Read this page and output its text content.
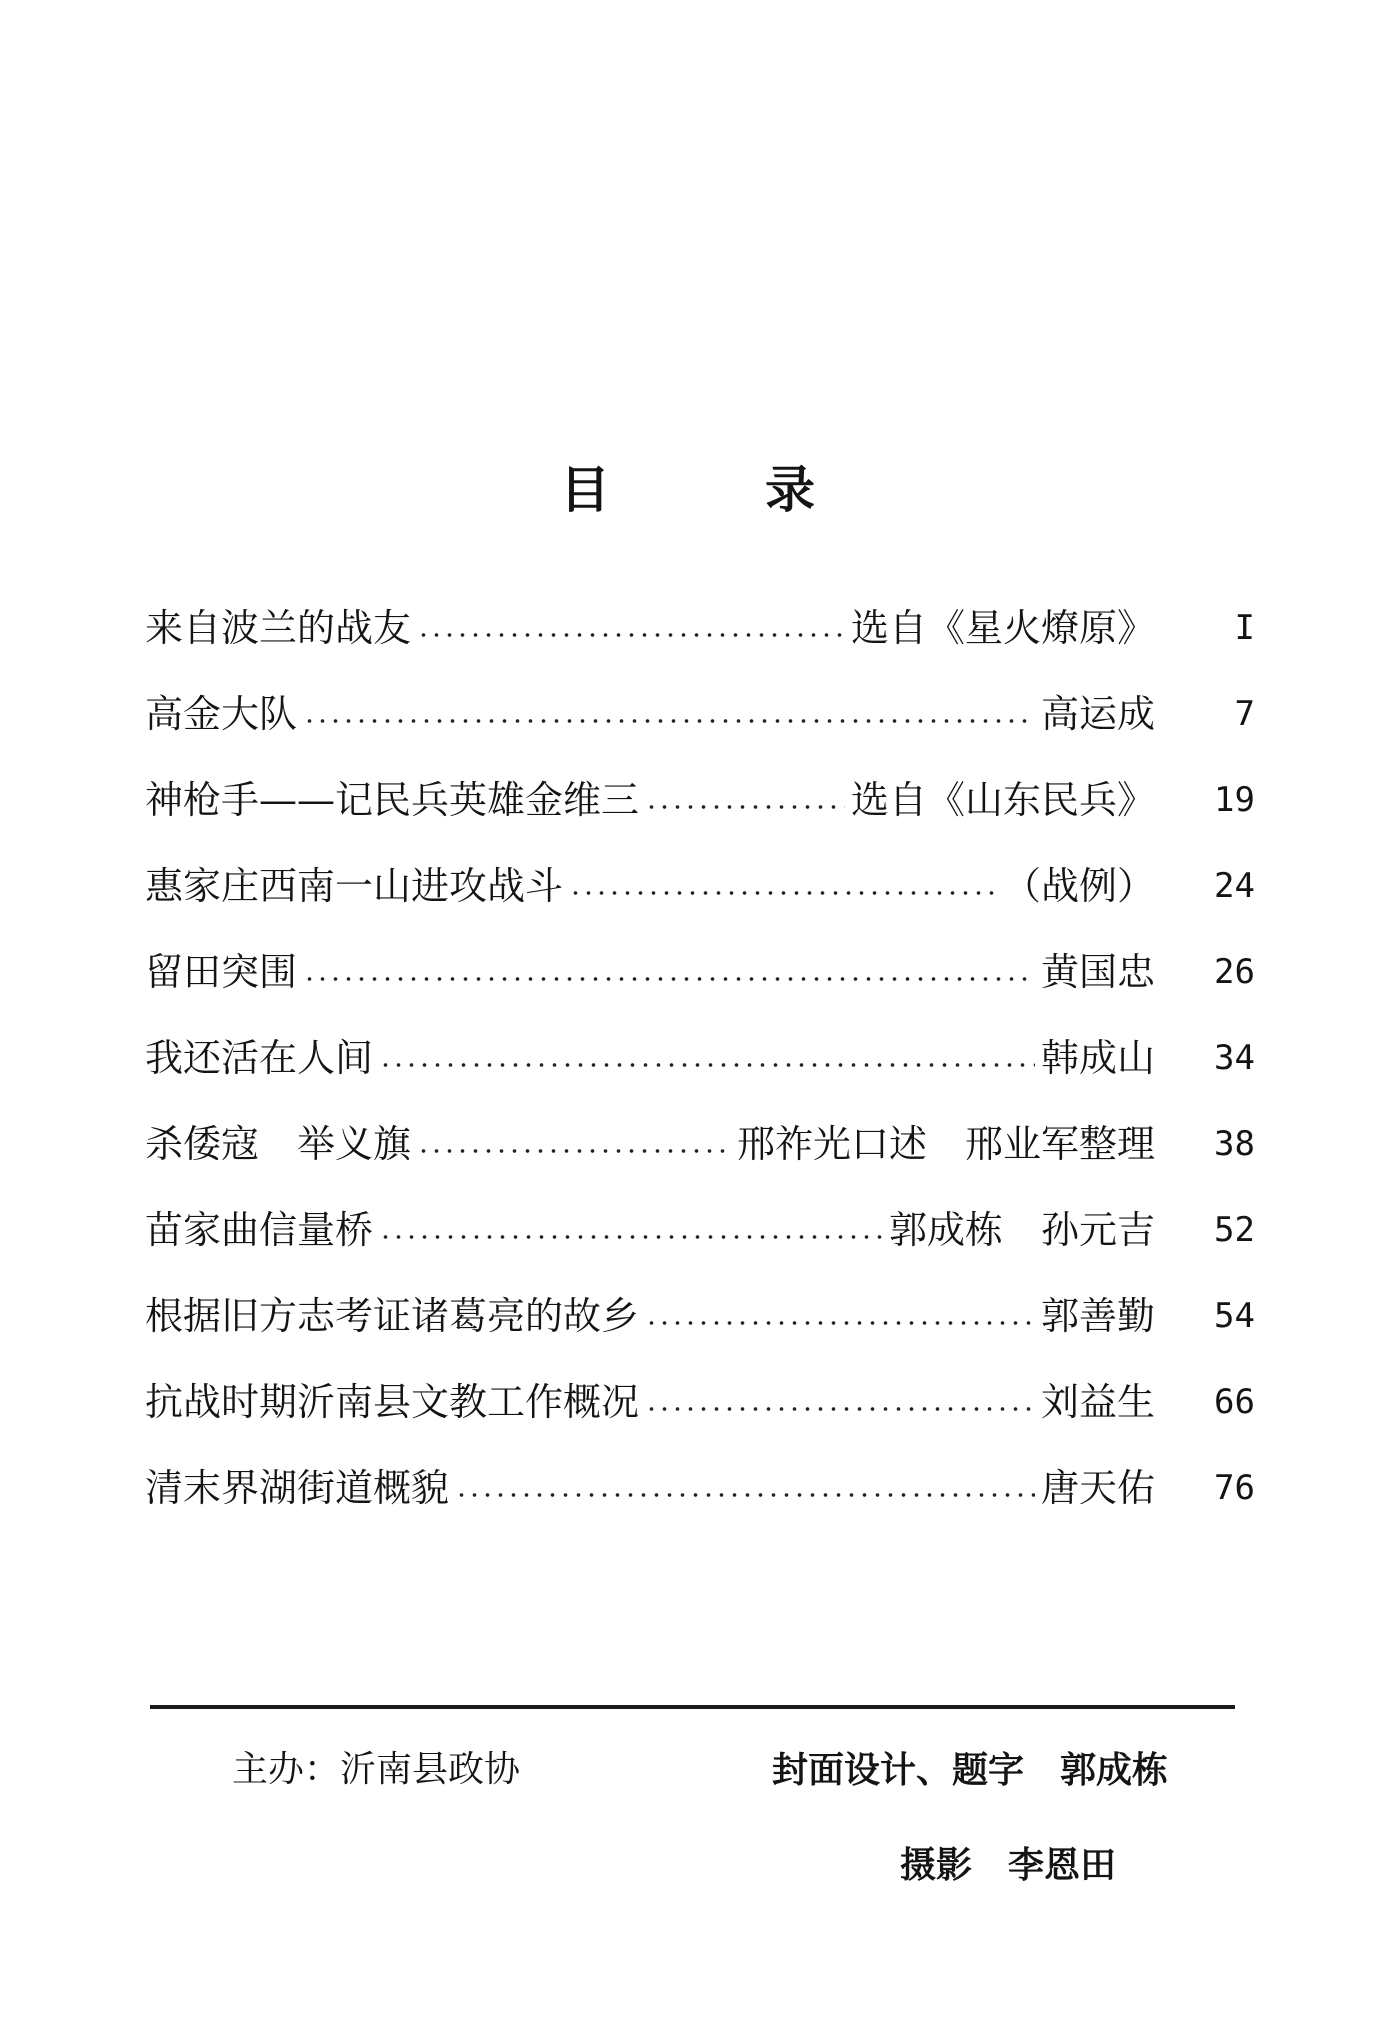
目	录
来自波兰的战友	选自《星火燎原》	I
高金大队	高运成	7
神枪手——记民兵英雄金维三	选自《山东民兵》	19
惠家庄西南一山进攻战斗	（战例）	24
留田突围	黄国忠	26
我还活在人间	韩成山	34
杀倭寇　举义旗	邢祚光口述　邢业军整理	38
苗家曲信量桥	郭成栋　孙元吉	52
根据旧方志考证诸葛亮的故乡	郭善勤	54
抗战时期沂南县文教工作概况	刘益生	66
清末界湖街道概貌	唐天佑	76
主办：沂南县政协	封面设计、题字 郭成栋
摄影 李恩田
